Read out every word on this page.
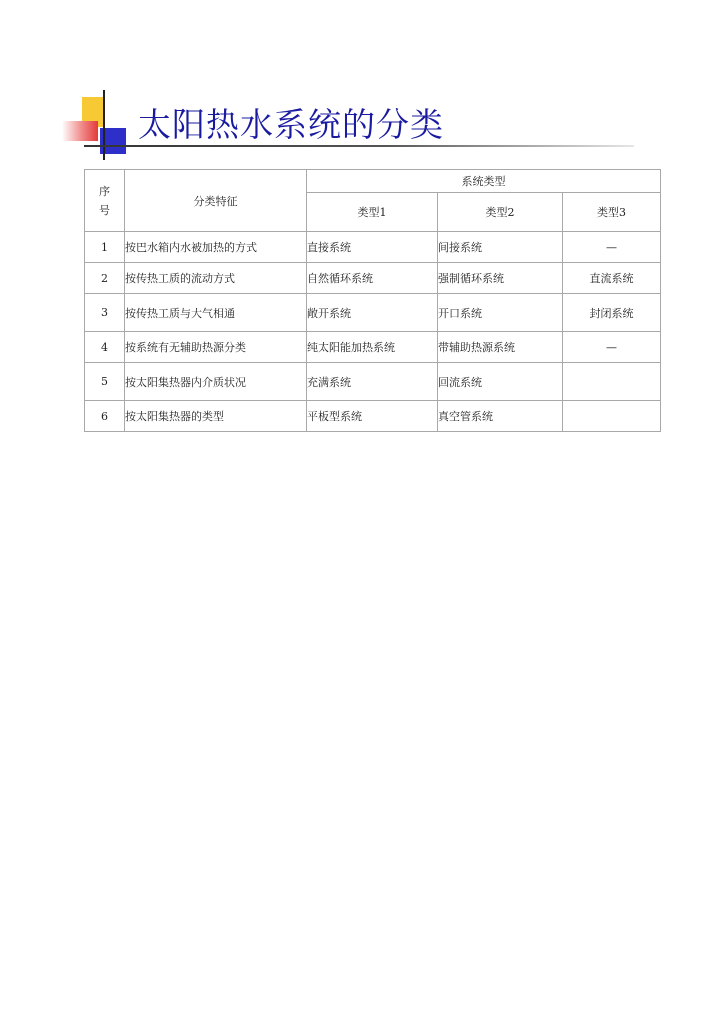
太阳热水系统的分类
序
号	分类特征	系统类型		
		类型1	类型2	类型3
1	按巴水箱内水被加热的方式	直接系统	间接系统	—
2	按传热工质的流动方式	自然循环系统	强制循环系统	直流系统
3	按传热工质与大气相通	敞开系统	开口系统	封闭系统
4	按系统有无辅助热源分类	纯太阳能加热系统	带辅助热源系统	—
5	按太阳集热器内介质状况	充满系统	回流系统	
6	按太阳集热器的类型	平板型系统	真空管系统	
